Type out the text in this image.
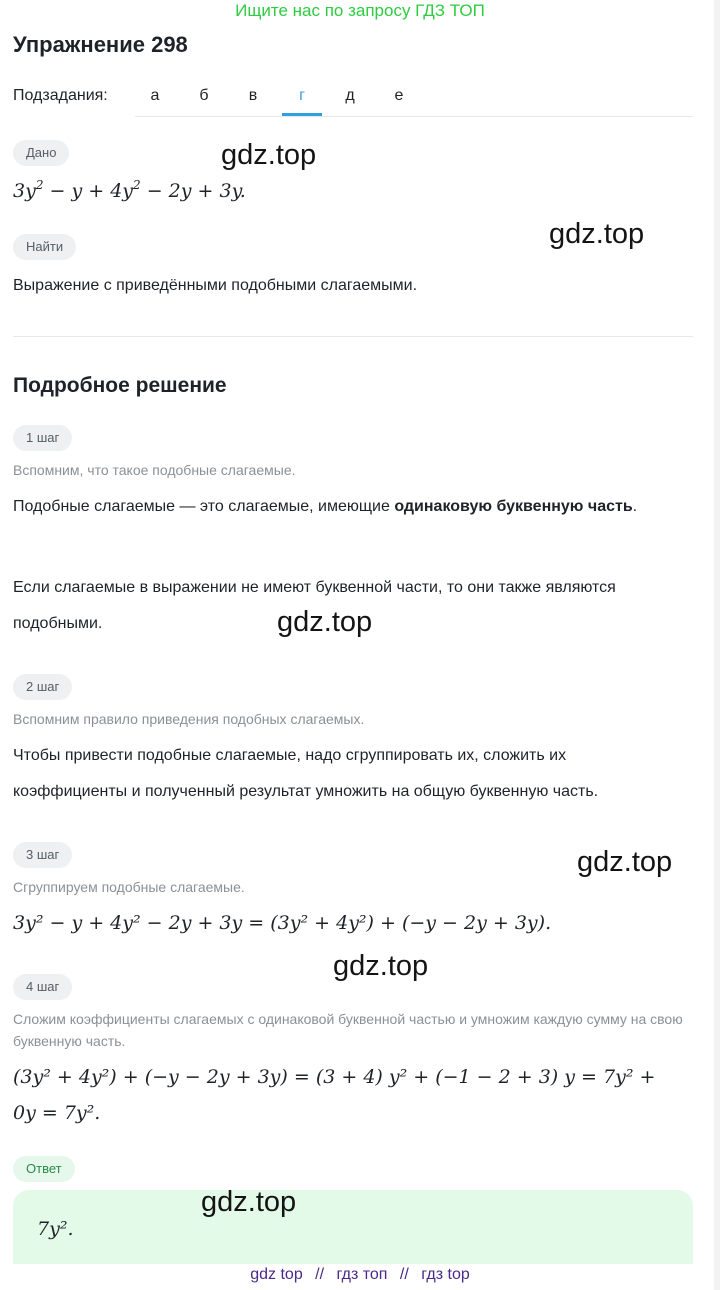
Ищите нас по запросу ГДЗ ТОП
Упражнение 298
Подзадания:	а	б	в	г	д	е
Дано
$3y^2 - y + 4y^2 - 2y + 3y$.
Найти
Выражение с приведёнными подобными слагаемыми.
Подробное решение
1 шаг
Вспомним, что такое подобные слагаемые.
Подобные слагаемые — это слагаемые, имеющие одинаковую буквенную часть.
Если слагаемые в выражении не имеют буквенной части, то они также являются подобными.
2 шаг
Вспомним правило приведения подобных слагаемых.
Чтобы привести подобные слагаемые, надо сгруппировать их, сложить их коэффициенты и полученный результат умножить на общую буквенную часть.
3 шаг
Сгруппируем подобные слагаемые.
3y² − y + 4y² − 2y + 3y = (3y² + 4y²) + (−y − 2y + 3y).
4 шаг
Сложим коэффициенты слагаемых с одинаковой буквенной частью и умножим каждую сумму на свою буквенную часть.
(3y² + 4y²) + (−y − 2y + 3y) = (3 + 4) y² + (−1 − 2 + 3) y = 7y² +
0y = 7y².
Ответ
7y².
gdz.top
gdz.top
gdz.top
gdz.top
gdz.top
gdz.top
gdz top // гдз топ // гдз top
